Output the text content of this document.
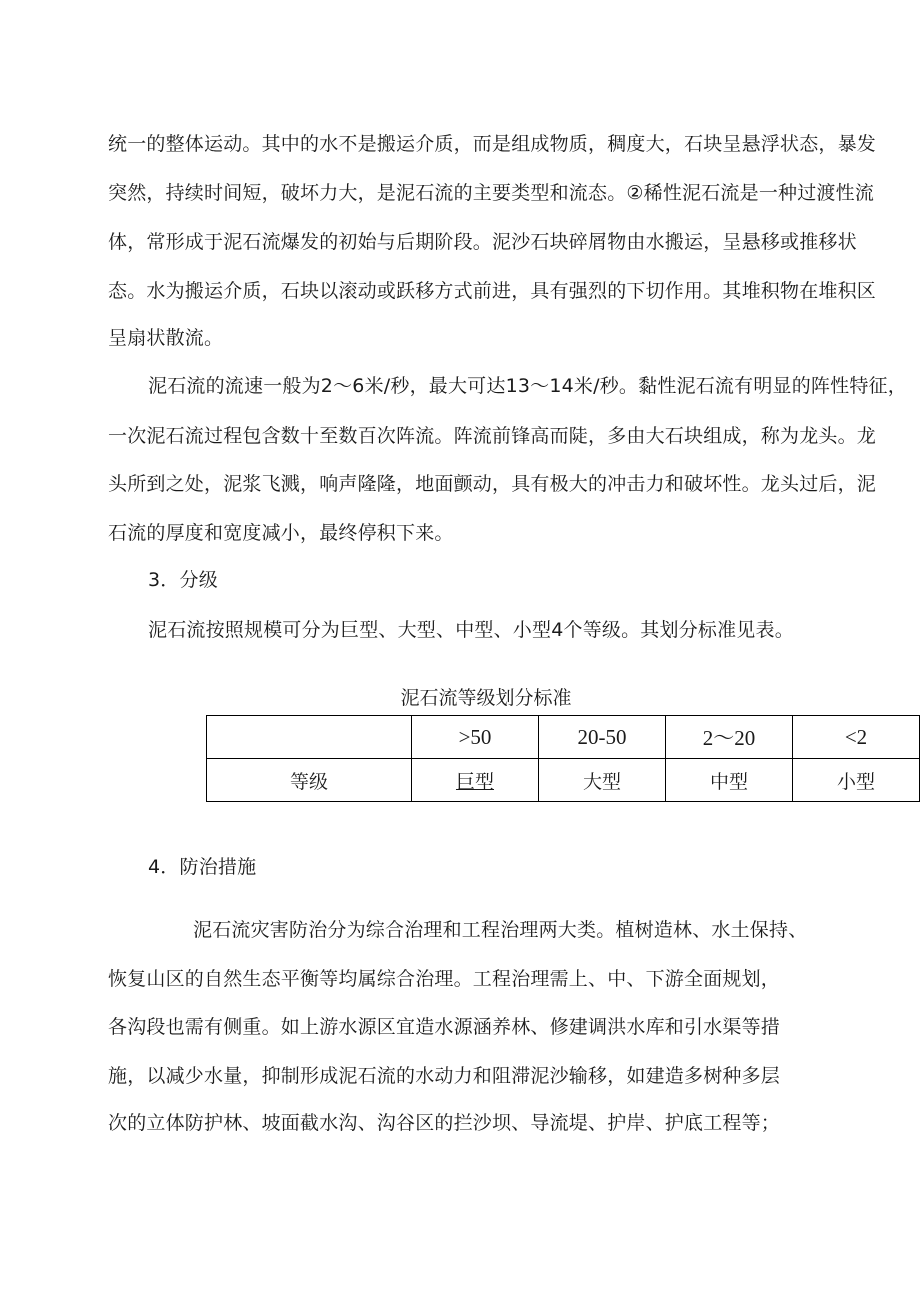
统一的整体运动。其中的水不是搬运介质，而是组成物质，稠度大，石块呈悬浮状态，暴发
突然，持续时间短，破坏力大，是泥石流的主要类型和流态。②稀性泥石流是一种过渡性流
体，常形成于泥石流爆发的初始与后期阶段。泥沙石块碎屑物由水搬运，呈悬移或推移状
态。水为搬运介质，石块以滚动或跃移方式前进，具有强烈的下切作用。其堆积物在堆积区
呈扇状散流。
泥石流的流速一般为2〜6米/秒，最大可达13〜14米/秒。黏性泥石流有明显的阵性特征，
一次泥石流过程包含数十至数百次阵流。阵流前锋高而陡，多由大石块组成，称为龙头。龙
头所到之处，泥浆飞溅，响声隆隆，地面颤动，具有极大的冲击力和破坏性。龙头过后，泥
石流的厚度和宽度减小，最终停积下来。
3．分级
泥石流按照规模可分为巨型、大型、中型、小型4个等级。其划分标准见表。
泥石流等级划分标准
	>50	20-50	2～20	<2
等级	巨型	大型	中型	小型
4．防治措施
泥石流灾害防治分为综合治理和工程治理两大类。植树造林、水土保持、
恢复山区的自然生态平衡等均属综合治理。工程治理需上、中、下游全面规划，
各沟段也需有侧重。如上游水源区宜造水源涵养林、修建调洪水库和引水渠等措
施，以减少水量，抑制形成泥石流的水动力和阻滞泥沙输移，如建造多树种多层
次的立体防护林、坡面截水沟、沟谷区的拦沙坝、导流堤、护岸、护底工程等；
